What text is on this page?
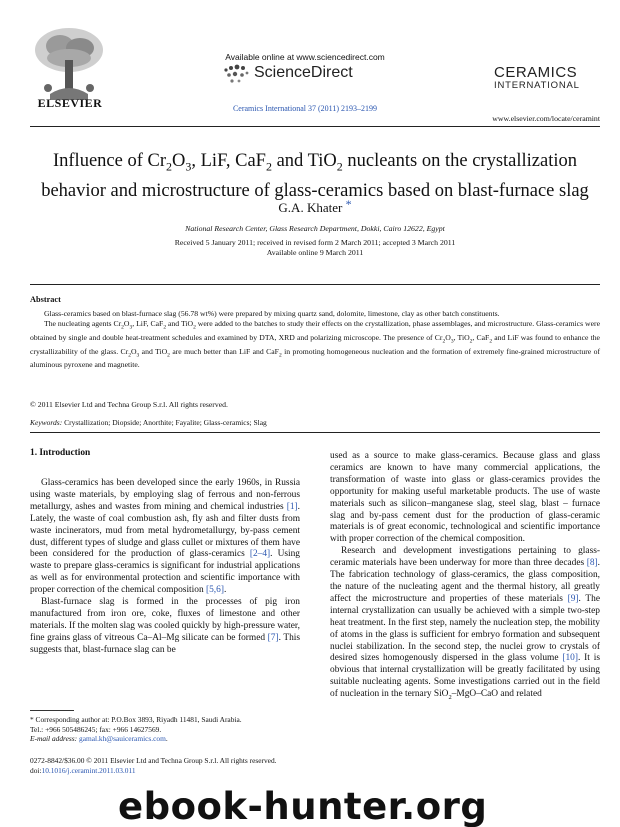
ELSEVIER
Available online at www.sciencedirect.com
ScienceDirect
Ceramics International 37 (2011) 2193–2199
CERAMICS
INTERNATIONAL
www.elsevier.com/locate/ceramint
Influence of $Cr_2O_3$, LiF, CaF$_2$ and TiO$_2$ nucleants on the crystallization
behavior and microstructure of glass-ceramics based on blast-furnace slag
G.A. Khater *
National Research Center, Glass Research Department, Dokki, Cairo 12622, Egypt
Received 5 January 2011; received in revised form 2 March 2011; accepted 3 March 2011
Available online 9 March 2011
Abstract

Glass-ceramics based on blast-furnace slag (56.78 wt%) were prepared by mixing quartz sand, dolomite, limestone, clay as other batch constituents.

The nucleating agents $Cr_2O_3$, LiF, CaF$_2$ and TiO$_2$ were added to the batches to study their effects on the crystallization, phase assemblages, and microstructure. Glass-ceramics were obtained by single and double heat-treatment schedules and examined by DTA, XRD and polarizing microscope. The presence of $Cr_2O_3$, TiO$_2$, CaF$_2$ and LiF was found to enhance the crystallizability of the glass. $Cr_2O_3$ and TiO$_2$ are much better than LiF and CaF$_2$ in promoting homogeneous nucleation and the formation of extremely fine-grained microstructure of aluminous pyroxene and magnetite.

© 2011 Elsevier Ltd and Techna Group S.r.l. All rights reserved.
Keywords: Crystallization; Diopside; Anorthite; Fayalite; Glass-ceramics; Slag
1. Introduction

Glass-ceramics has been developed since the early 1960s, in Russia using waste materials, by employing slag of ferrous and non-ferrous metallurgy, ashes and wastes from mining and chemical industries [1]. Lately, the waste of coal combustion ash, fly ash and filter dusts from waste incinerators, mud from metal hydrometallurgy, by-pass cement dust, different types of sludge and glass cullet or mixtures of them have been considered for the production of glass-ceramics [2–4]. Using waste to prepare glass-ceramics is significant for industrial applications as well as for environmental protection and scientific importance with proper correction of the chemical composition [5,6].

Blast-furnace slag is formed in the processes of pig iron manufactured from iron ore, coke, fluxes of limestone and other materials. If the molten slag was cooled quickly by high-pressure water, fine grains glass of vitreous Ca–Al–Mg silicate can be formed [7]. This suggests that, blast-furnace slag can be

used as a source to make glass-ceramics. Because glass and glass ceramics are known to have many commercial applications, the transformation of waste into glass or glass-ceramics provides the opportunity for making useful marketable products. The use of waste materials such as silicon–manganese slag, steel slag, blast – furnace slag and by-pass cement dust for the production of glass-ceramic materials is of great economic, technological and scientific importance with proper correction of the chemical composition.

Research and development investigations pertaining to glass-ceramic materials have been underway for more than three decades [8]. The fabrication technology of glass-ceramics, the glass composition, the nature of the nucleating agent and the thermal history, all greatly affect the microstructure and properties of these materials [9]. The internal crystallization can usually be achieved with a simple two-step heat treatment. In the first step, namely the nucleation step, the mobility of atoms in the glass is sufficient for embryo formation and subsequent nuclei stabilization. In the second step, the nuclei grow to crystals of desired sizes homogenously dispersed in the glass volume [10]. It is obvious that internal crystallization will be greatly facilitated by using suitable nucleating agents. Some investigations carried out in the field of nucleation in the ternary SiO$_2$–MgO–CaO and related

* Corresponding author at: P.O.Box 3893, Riyadh 11481, Saudi Arabia.
Tel.: +966 505486245; fax: +966 14627569.
E-mail address: gamal.kh@sauiceramics.com.
0272-8842/$36.00 © 2011 Elsevier Ltd and Techna Group S.r.l. All rights reserved.
doi:10.1016/j.ceramint.2011.03.011
ebook-hunter.org
